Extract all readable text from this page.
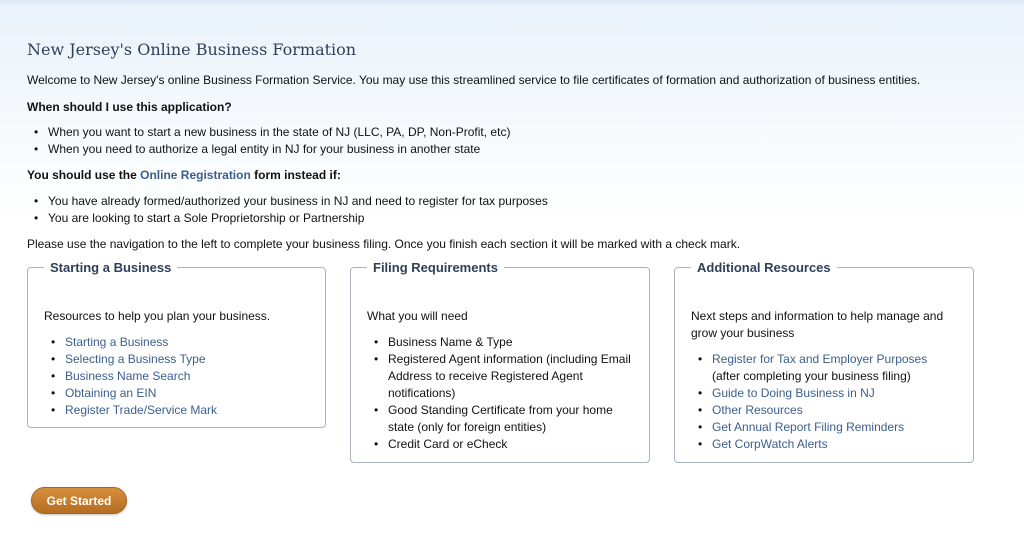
New Jersey's Online Business Formation
Welcome to New Jersey's online Business Formation Service. You may use this streamlined service to file certificates of formation and authorization of business entities.
When should I use this application?
• When you want to start a new business in the state of NJ (LLC, PA, DP, Non-Profit, etc)
• When you need to authorize a legal entity in NJ for your business in another state
You should use the Online Registration form instead if:
• You have already formed/authorized your business in NJ and need to register for tax purposes
• You are looking to start a Sole Proprietorship or Partnership
Please use the navigation to the left to complete your business filing. Once you finish each section it will be marked with a check mark.
Starting a Business

Resources to help you plan your business.

• Starting a Business
• Selecting a Business Type
• Business Name Search
• Obtaining an EIN
• Register Trade/Service Mark
Filing Requirements

What you will need

• Business Name & Type
• Registered Agent information (including Email Address to receive Registered Agent notifications)
• Good Standing Certificate from your home state (only for foreign entities)
• Credit Card or eCheck
Additional Resources

Next steps and information to help manage and grow your business

• Register for Tax and Employer Purposes
(after completing your business filing)
• Guide to Doing Business in NJ
• Other Resources
• Get Annual Report Filing Reminders
• Get CorpWatch Alerts
Get Started
